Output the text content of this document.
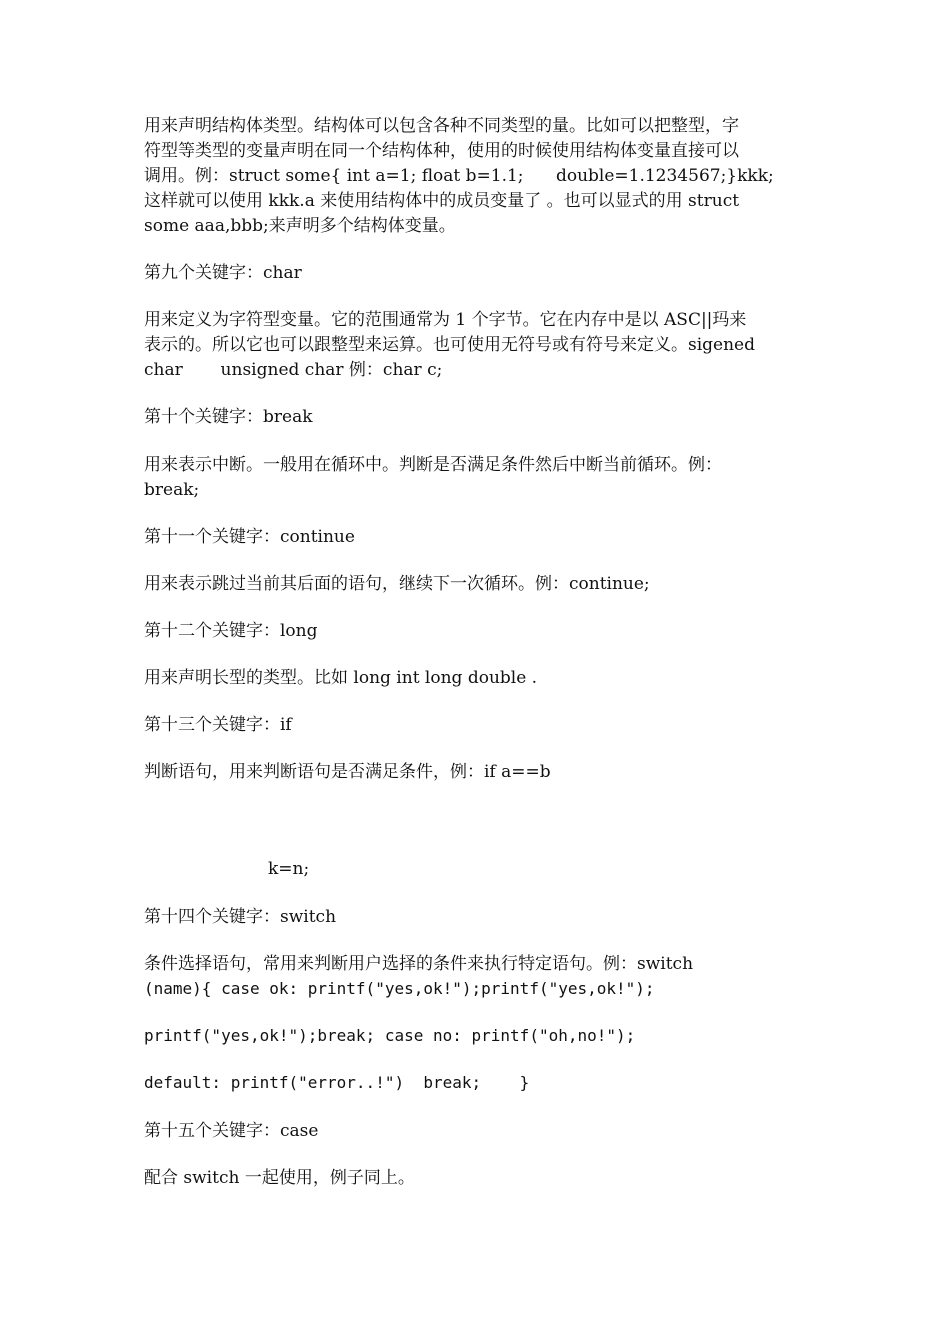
用来声明结构体类型。结构体可以包含各种不同类型的量。比如可以把整型，字
符型等类型的变量声明在同一个结构体种，使用的时候使用结构体变量直接可以
调用。例：struct some{ int a=1; float b=1.1;      double=1.1234567;}kkk;
这样就可以使用 kkk.a 来使用结构体中的成员变量了 。也可以显式的用 struct
some aaa,bbb;来声明多个结构体变量。
第九个关键字：char
用来定义为字符型变量。它的范围通常为 1 个字节。它在内存中是以 ASC||玛来
表示的。所以它也可以跟整型来运算。也可使用无符号或有符号来定义。sigened
char       unsigned char 例：char c;
第十个关键字：break
用来表示中断。一般用在循环中。判断是否满足条件然后中断当前循环。例：
break;
第十一个关键字：continue
用来表示跳过当前其后面的语句，继续下一次循环。例：continue;
第十二个关键字：long
用来声明长型的类型。比如 long int long double .
第十三个关键字：if
判断语句，用来判断语句是否满足条件，例：if a==b
k=n;
第十四个关键字：switch
条件选择语句，常用来判断用户选择的条件来执行特定语句。例：switch
(name){ case ok: printf("yes,ok!");printf("yes,ok!");
printf("yes,ok!");break; case no: printf("oh,no!");
default: printf("error..!")  break;    }
第十五个关键字：case
配合 switch 一起使用，例子同上。
